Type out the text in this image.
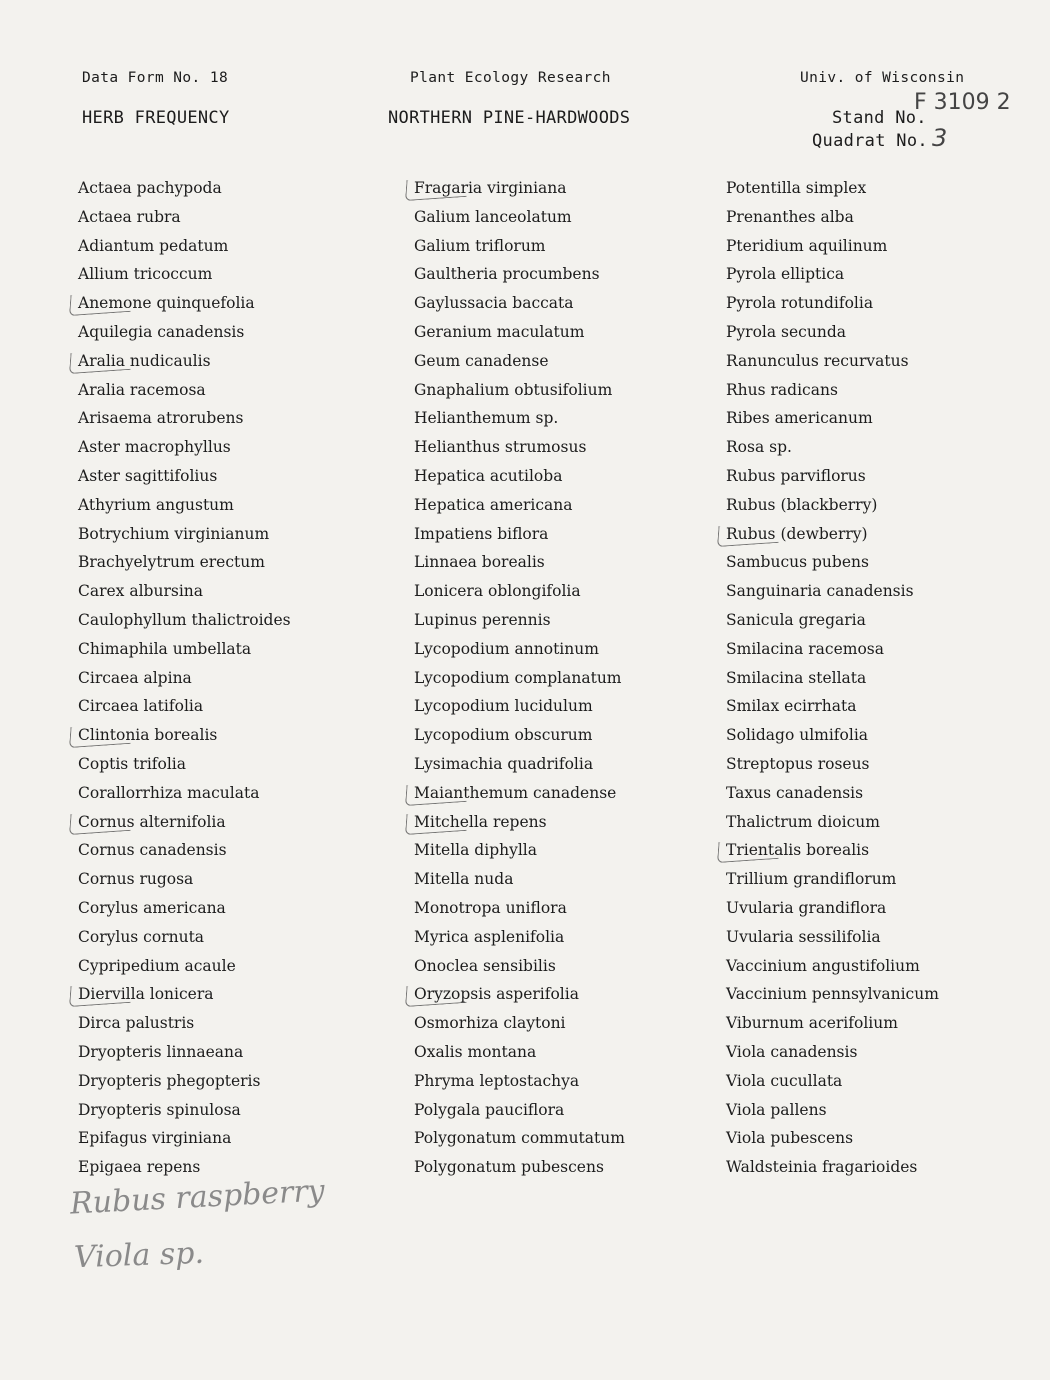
Data Form No. 18	Plant Ecology Research	Univ. of Wisconsin
HERB FREQUENCY	NORTHERN PINE-HARDWOODS	Stand No.
F 3109 2
Quadrat No. 3
Actaea pachypoda
Actaea rubra
Adiantum pedatum
Allium tricoccum
Anemone quinquefolia
Aquilegia canadensis
Aralia nudicaulis
Aralia racemosa
Arisaema atrorubens
Aster macrophyllus
Aster sagittifolius
Athyrium angustum
Botrychium virginianum
Brachyelytrum erectum
Carex albursina
Caulophyllum thalictroides
Chimaphila umbellata
Circaea alpina
Circaea latifolia
Clintonia borealis
Coptis trifolia
Corallorrhiza maculata
Cornus alternifolia
Cornus canadensis
Cornus rugosa
Corylus americana
Corylus cornuta
Cypripedium acaule
Diervilla lonicera
Dirca palustris
Dryopteris linnaeana
Dryopteris phegopteris
Dryopteris spinulosa
Epifagus virginiana
Epigaea repens
Fragaria virginiana
Galium lanceolatum
Galium triflorum
Gaultheria procumbens
Gaylussacia baccata
Geranium maculatum
Geum canadense
Gnaphalium obtusifolium
Helianthemum sp.
Helianthus strumosus
Hepatica acutiloba
Hepatica americana
Impatiens biflora
Linnaea borealis
Lonicera oblongifolia
Lupinus perennis
Lycopodium annotinum
Lycopodium complanatum
Lycopodium lucidulum
Lycopodium obscurum
Lysimachia quadrifolia
Maianthemum canadense
Mitchella repens
Mitella diphylla
Mitella nuda
Monotropa uniflora
Myrica asplenifolia
Onoclea sensibilis
Oryzopsis asperifolia
Osmorhiza claytoni
Oxalis montana
Phryma leptostachya
Polygala pauciflora
Polygonatum commutatum
Polygonatum pubescens
Potentilla simplex
Prenanthes alba
Pteridium aquilinum
Pyrola elliptica
Pyrola rotundifolia
Pyrola secunda
Ranunculus recurvatus
Rhus radicans
Ribes americanum
Rosa sp.
Rubus parviflorus
Rubus (blackberry)
Rubus (dewberry)
Sambucus pubens
Sanguinaria canadensis
Sanicula gregaria
Smilacina racemosa
Smilacina stellata
Smilax ecirrhata
Solidago ulmifolia
Streptopus roseus
Taxus canadensis
Thalictrum dioicum
Trientalis borealis
Trillium grandiflorum
Uvularia grandiflora
Uvularia sessilifolia
Vaccinium angustifolium
Vaccinium pennsylvanicum
Viburnum acerifolium
Viola canadensis
Viola cucullata
Viola pallens
Viola pubescens
Waldsteinia fragarioides
Rubus raspberry
Viola sp.
